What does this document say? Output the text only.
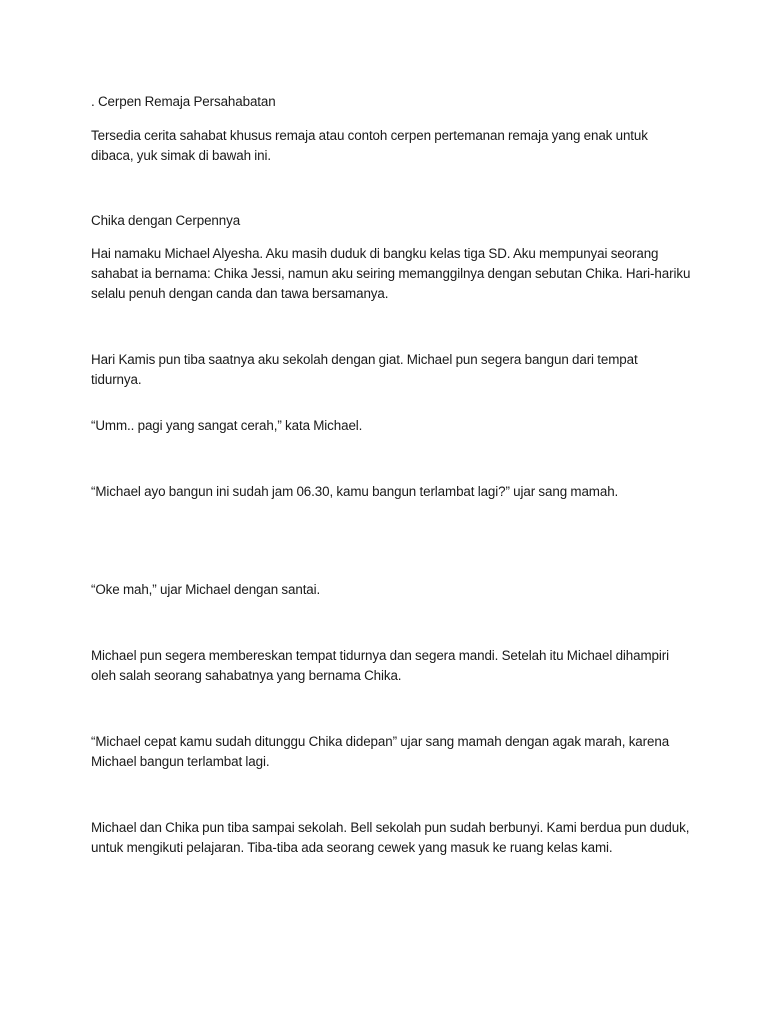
. Cerpen Remaja Persahabatan

Tersedia cerita sahabat khusus remaja atau contoh cerpen pertemanan remaja yang enak untuk dibaca, yuk simak di bawah ini.

Chika dengan Cerpennya

Hai namaku Michael Alyesha. Aku masih duduk di bangku kelas tiga SD. Aku mempunyai seorang sahabat ia bernama: Chika Jessi, namun aku seiring memanggilnya dengan sebutan Chika. Hari-hariku selalu penuh dengan canda dan tawa bersamanya.

Hari Kamis pun tiba saatnya aku sekolah dengan giat. Michael pun segera bangun dari tempat tidurnya.

“Umm.. pagi yang sangat cerah,” kata Michael.

“Michael ayo bangun ini sudah jam 06.30, kamu bangun terlambat lagi?” ujar sang mamah.

“Oke mah,” ujar Michael dengan santai.

Michael pun segera membereskan tempat tidurnya dan segera mandi. Setelah itu Michael dihampiri oleh salah seorang sahabatnya yang bernama Chika.

“Michael cepat kamu sudah ditunggu Chika didepan” ujar sang mamah dengan agak marah, karena Michael bangun terlambat lagi.

Michael dan Chika pun tiba sampai sekolah. Bell sekolah pun sudah berbunyi. Kami berdua pun duduk, untuk mengikuti pelajaran. Tiba-tiba ada seorang cewek yang masuk ke ruang kelas kami.
